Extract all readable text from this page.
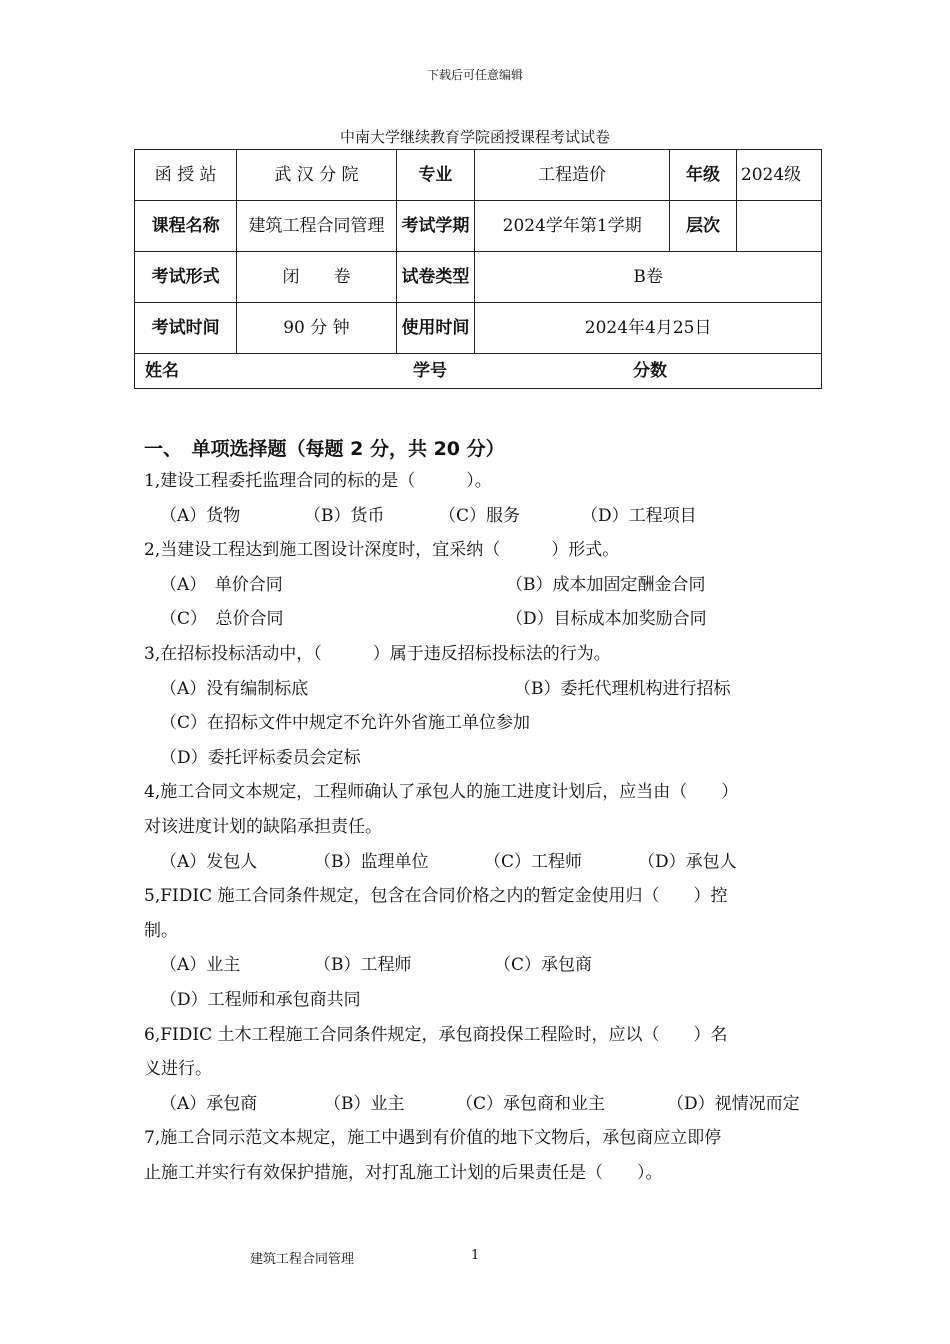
下载后可任意编辑
中南大学继续教育学院函授课程考试试卷
函 授 站	武 汉 分 院	专业	工程造价	年级	2024级
课程名称	建筑工程合同管理	考试学期	2024学年第1学期	层次	
考试形式	闭　　卷	试卷类型	B卷		
考试时间	90 分 钟	使用时间	2024年4月25日		

姓名 学号 分数					
一、　单项选择题（每题 2 分，共 20 分）
1,建设工程委托监理合同的标的是（　　　）。

（A）货物

	（B）货币

	（C）服务

	（D）工程项目

2,当建设工程达到施工图设计深度时，宜采纳（　　　）形式。

（A）　单价合同

	（B）成本加固定酬金合同

（C）　总价合同

	（D）目标成本加奖励合同

3,在招标投标活动中，（　　　）属于违反招标投标法的行为。

（A）没有编制标底

	（B）委托代理机构进行招标

（C）在招标文件中规定不允许外省施工单位参加

（D）委托评标委员会定标

4,施工合同文本规定，工程师确认了承包人的施工进度计划后，应当由（　　）
对该进度计划的缺陷承担责任。

（A）发包人

	（B）监理单位

	（C）工程师

	（D）承包人

5,FIDIC 施工合同条件规定，包含在合同价格之内的暂定金使用归（　　）控
制。

（A）业主

	（B）工程师

	（C）承包商

（D）工程师和承包商共同

6,FIDIC 土木工程施工合同条件规定，承包商投保工程险时，应以（　　）名
义进行。

（A）承包商

	（B）业主

	（C）承包商和业主

	（D）视情况而定

7,施工合同示范文本规定，施工中遇到有价值的地下文物后，承包商应立即停
止施工并实行有效保护措施，对打乱施工计划的后果责任是（　　）。
建筑工程合同管理	1
